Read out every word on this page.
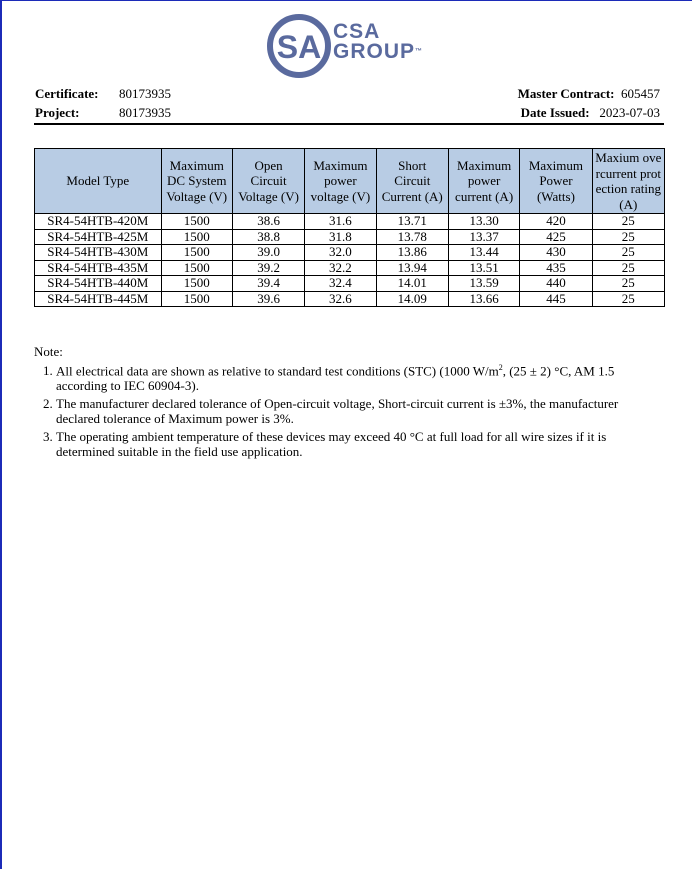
SA CSA
GROUP™
Certificate: 80173935
Project:	80173935
Master Contract: 605457
Date Issued: 2023-07-03
Model Type	Maximum DC System Voltage (V)	Open Circuit Voltage (V)	Maximum power voltage (V)	Short Circuit Current (A)	Maximum power current (A)	Maximum Power (Watts)	Maxium overcurrent protection rating (A)
SR4-54HTB-420M	1500	38.6	31.6	13.71	13.30	420	25
SR4-54HTB-425M	1500	38.8	31.8	13.78	13.37	425	25
SR4-54HTB-430M	1500	39.0	32.0	13.86	13.44	430	25
SR4-54HTB-435M	1500	39.2	32.2	13.94	13.51	435	25
SR4-54HTB-440M	1500	39.4	32.4	14.01	13.59	440	25
SR4-54HTB-445M	1500	39.6	32.6	14.09	13.66	445	25
Note:
1. All electrical data are shown as relative to standard test conditions (STC) (1000 $W/m^2$, (25 ± 2) °C, AM 1.5 according to IEC 60904-3).
2. The manufacturer declared tolerance of Open-circuit voltage, Short-circuit current is ±3%, the manufacturer declared tolerance of Maximum power is 3%.
3. The operating ambient temperature of these devices may exceed 40 °C at full load for all wire sizes if it is determined suitable in the field use application.
